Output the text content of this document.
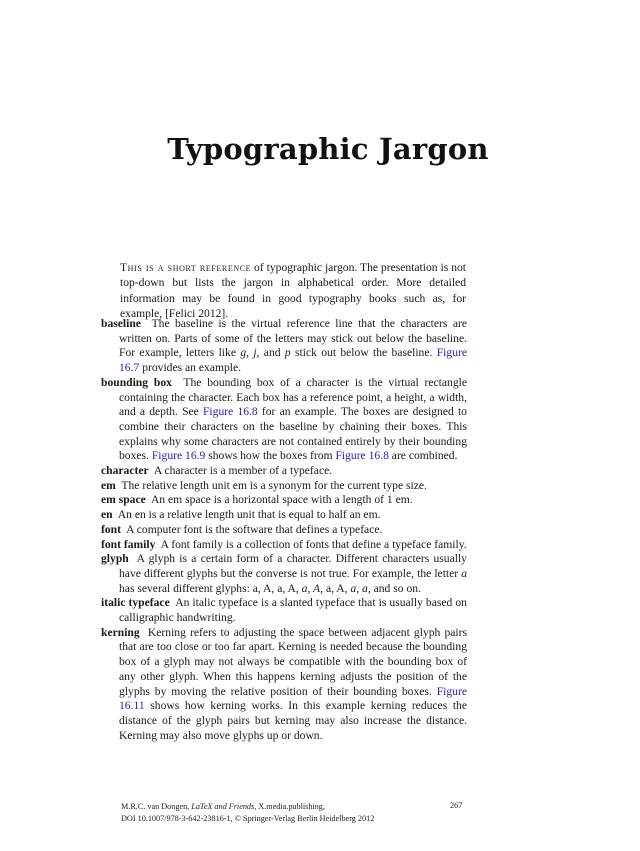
Typographic Jargon

This is a short reference of typographic jargon. The presentation is not top-down but lists the jargon in alphabetical order. More detailed information may be found in good typography books such as, for example, [Felici 2012].

baseline The baseline is the virtual reference line that the characters are written on. Parts of some of the letters may stick out below the baseline. For example, letters like g, j, and p stick out below the baseline. Figure 16.7 provides an example.

bounding box The bounding box of a character is the virtual rectangle containing the character. Each box has a reference point, a height, a width, and a depth. See Figure 16.8 for an example. The boxes are designed to combine their characters on the baseline by chaining their boxes. This explains why some characters are not contained entirely by their bounding boxes. Figure 16.9 shows how the boxes from Figure 16.8 are combined.

character A character is a member of a typeface.

em The relative length unit em is a synonym for the current type size.

em space An em space is a horizontal space with a length of 1 em.

en An en is a relative length unit that is equal to half an em.

font A computer font is the software that defines a typeface.

font family A font family is a collection of fonts that define a typeface family.

glyph A glyph is a certain form of a character. Different characters usually have different glyphs but the converse is not true. For example, the letter a has several different glyphs: a, A, a, A, a, A, a, A, a, a, and so on.

italic typeface An italic typeface is a slanted typeface that is usually based on calligraphic handwriting.

kerning Kerning refers to adjusting the space between adjacent glyph pairs that are too close or too far apart. Kerning is needed because the bounding box of a glyph may not always be compatible with the bounding box of any other glyph. When this happens kerning adjusts the position of the glyphs by moving the relative position of their bounding boxes. Figure 16.11 shows how kerning works. In this example kerning reduces the distance of the glyph pairs but kerning may also increase the distance. Kerning may also move glyphs up or down.

M.R.C. van Dongen, LaTeX and Friends, X.media.publishing,
DOI 10.1007/978-3-642-23816-1, © Springer-Verlag Berlin Heidelberg 2012
267
